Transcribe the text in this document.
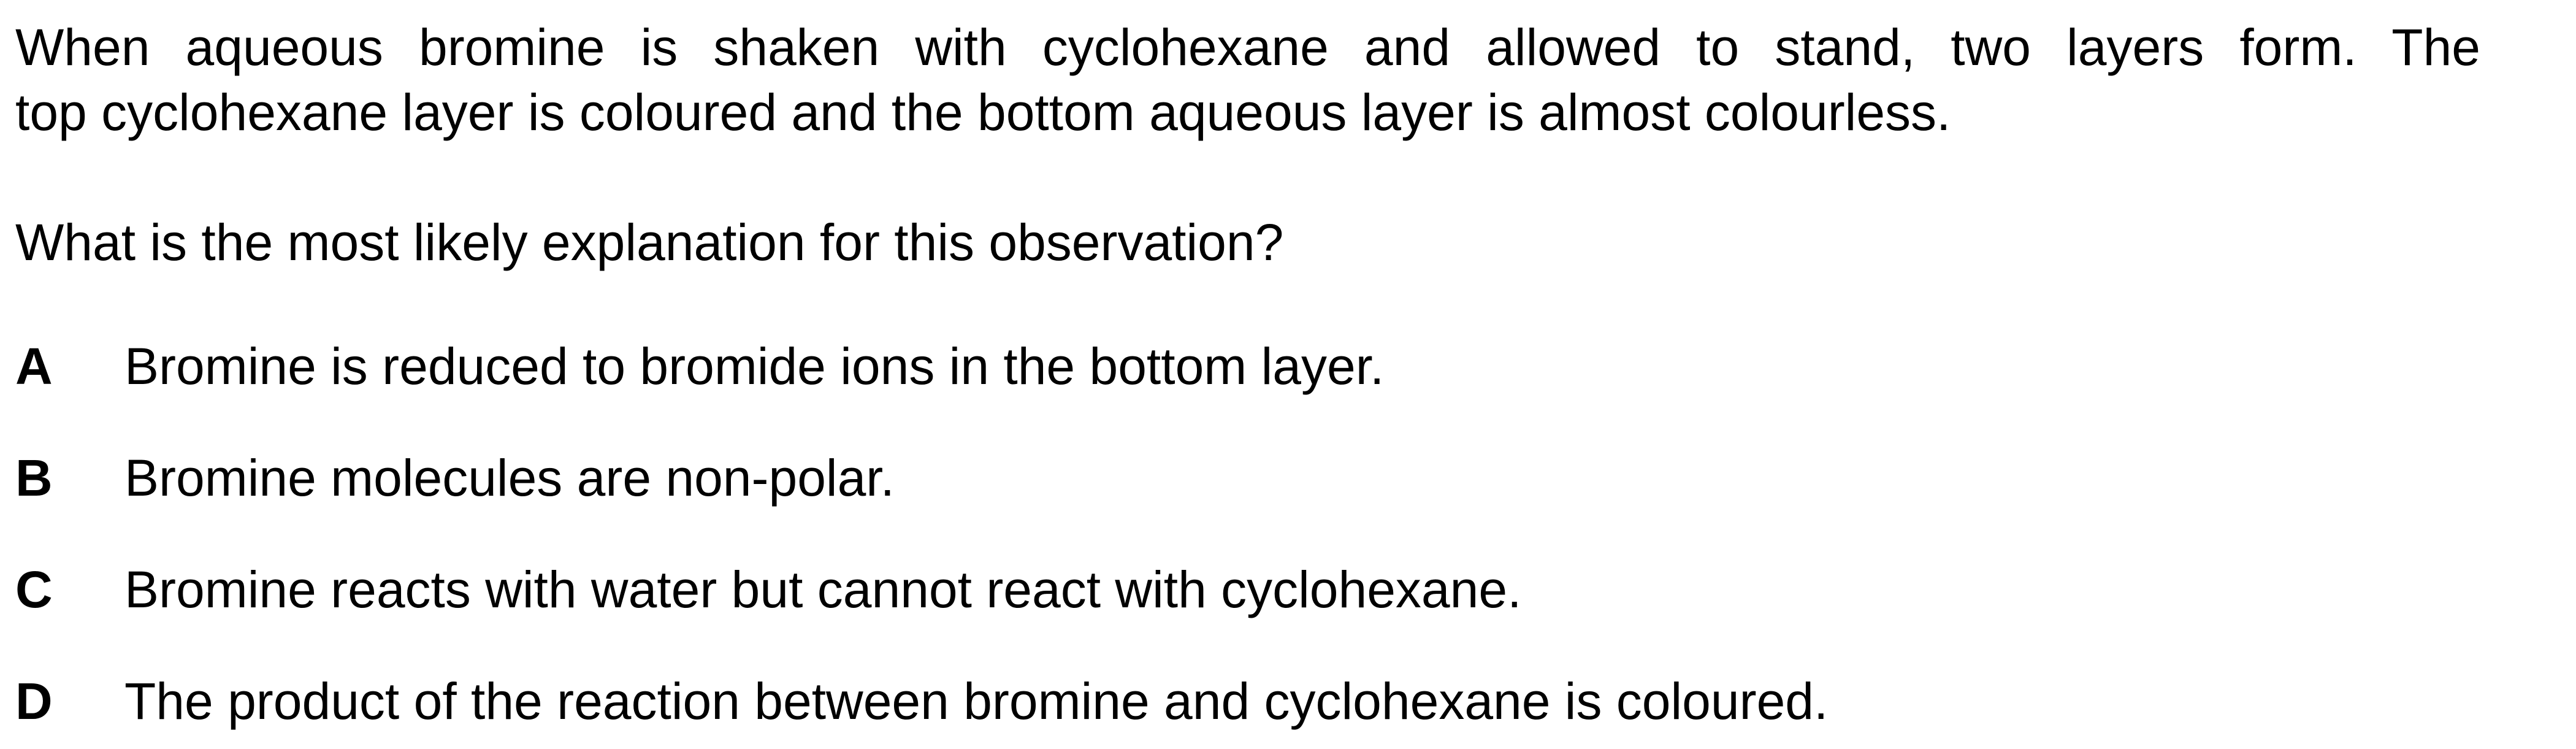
When aqueous bromine is shaken with cyclohexane and allowed to stand, two layers form. The
top cyclohexane layer is coloured and the bottom aqueous layer is almost colourless.
What is the most likely explanation for this observation?
A Bromine is reduced to bromide ions in the bottom layer.
B Bromine molecules are non-polar.
C Bromine reacts with water but cannot react with cyclohexane.
D The product of the reaction between bromine and cyclohexane is coloured.
